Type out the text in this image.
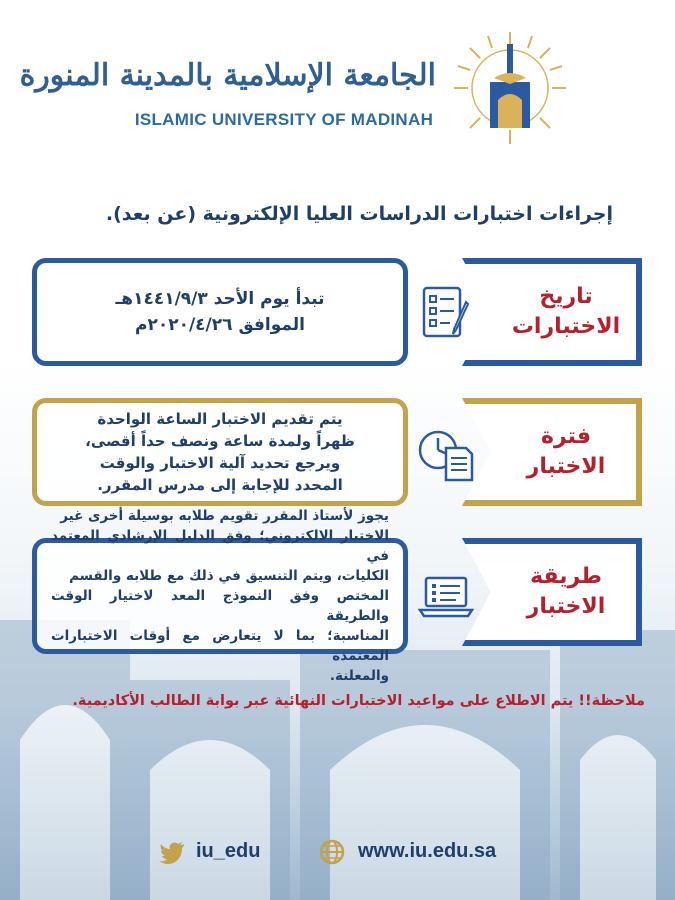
الجامعة الإسلامية بالمدينة المنورة
ISLAMIC UNIVERSITY OF MADINAH
إجراءات اختبارات الدراسات العليا الإلكترونية (عن بعد).
تاريخ الاختبارات
تبدأ يوم الأحد ١٤٤١/٩/٣هـ
الموافق ٢٠٢٠/٤/٢٦م
فترة الاختبار
يتم تقديم الاختبار الساعة الواحدة
ظهراً ولمدة ساعة ونصف حداً أقصى،
ويرجع تحديد آلية الاختبار والوقت
المحدد للإجابة إلى مدرس المقرر.
طريقة الاختبار
يجوز لأستاذ المقرر تقويم طلابه بوسيلة أخرى غير
الاختبار الالكتروني؛ وفق الدليل الإرشادي المعتمد في
الكليات، ويتم التنسيق في ذلك مع طلابه والقسم
المختص وفق النموذج المعد لاختيار الوقت والطريقة
المناسبة؛ بما لا يتعارض مع أوقات الاختبارات المعتمدة
والمعلنة.
ملاحظة!! يتم الاطلاع على مواعيد الاختبارات النهائية عبر بوابة الطالب الأكاديمية.
iu_edu	www.iu.edu.sa
